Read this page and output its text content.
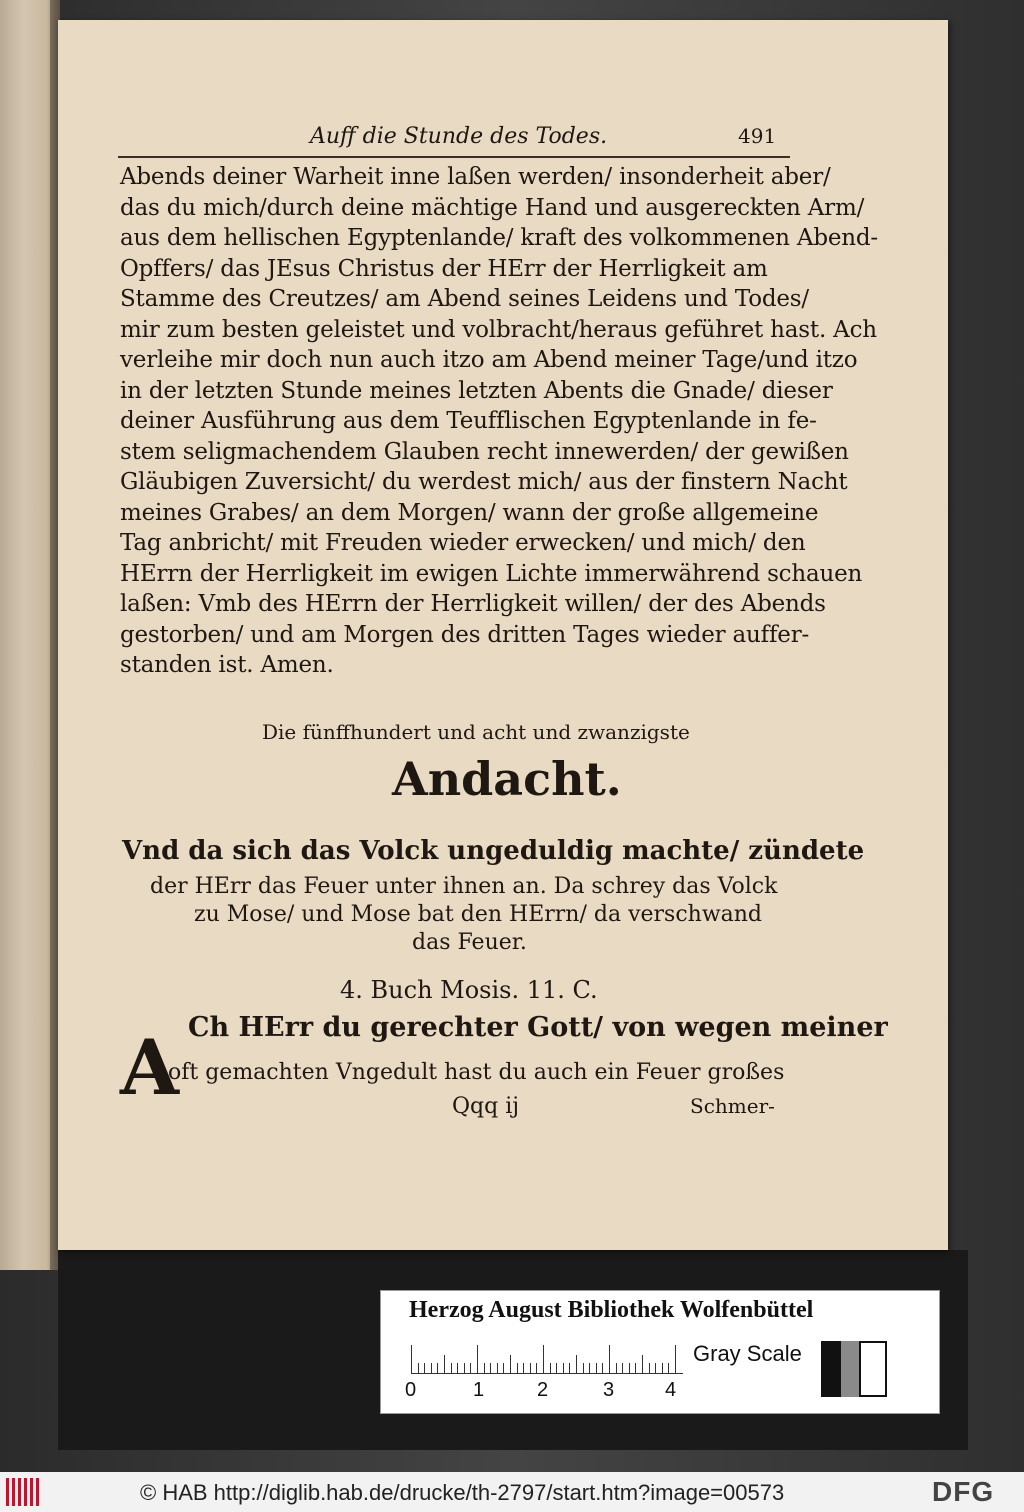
Auff die Stunde des Todes.	491
Abends deiner Warheit inne laßen werden/ insonderheit aber/
das du mich/durch deine mächtige Hand und ausgereckten Arm/
aus dem hellischen Egyptenlande/ kraft des volkommenen Abend-
Opffers/ das JEsus Christus der HErr der Herrligkeit am
Stamme des Creutzes/ am Abend seines Leidens und Todes/
mir zum besten geleistet und volbracht/heraus geführet hast. Ach
verleihe mir doch nun auch itzo am Abend meiner Tage/und itzo
in der letzten Stunde meines letzten Abents die Gnade/ dieser
deiner Ausführung aus dem Teufflischen Egyptenlande in fe-
stem seligmachendem Glauben recht innewerden/ der gewißen
Gläubigen Zuversicht/ du werdest mich/ aus der finstern Nacht
meines Grabes/ an dem Morgen/ wann der große allgemeine
Tag anbricht/ mit Freuden wieder erwecken/ und mich/ den
HErrn der Herrligkeit im ewigen Lichte immerwährend schauen
laßen: Vmb des HErrn der Herrligkeit willen/ der des Abends
gestorben/ und am Morgen des dritten Tages wieder auffer-
standen ist. Amen.
Die fünffhundert und acht und zwanzigste
Andacht.
Vnd da sich das Volck ungeduldig machte/ zündete
der HErr das Feuer unter ihnen an. Da schrey das Volck
zu Mose/ und Mose bat den HErrn/ da verschwand
das Feuer.
4. Buch Mosis. 11. C.
A Ch HErr du gerechter Gott/ von wegen meiner
oft gemachten Vngedult hast du auch ein Feuer großes
Qqq ij	Schmer-
Herzog August Bibliothek Wolfenbüttel
0	1	2	3	4
Gray Scale
© HAB http://diglib.hab.de/drucke/th-2797/start.htm?image=00573	DFG
